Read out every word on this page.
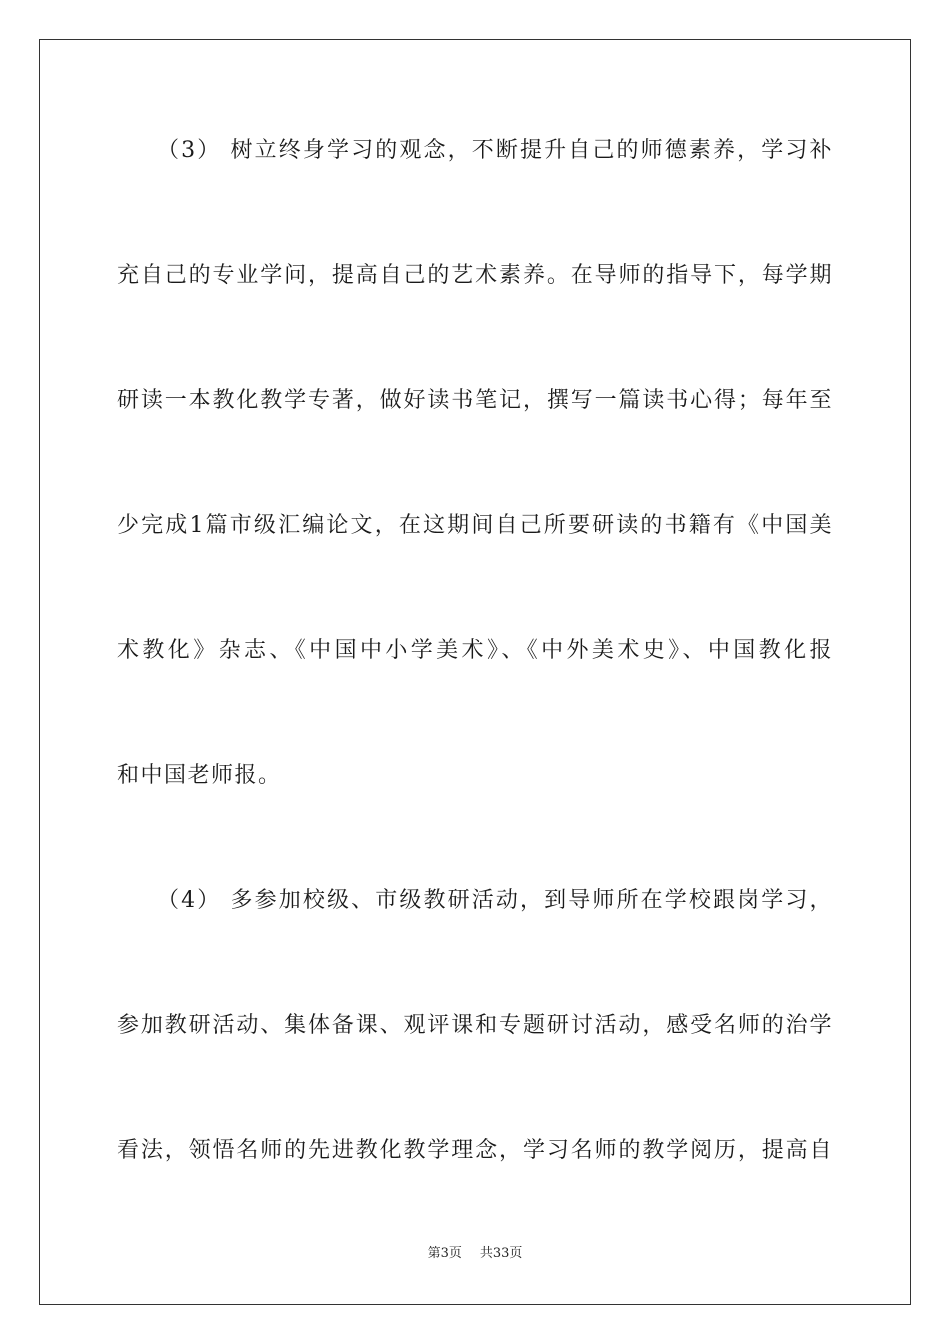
（3） 树立终身学习的观念，不断提升自己的师德素养，学习补
充自己的专业学问，提高自己的艺术素养。在导师的指导下，每学期
研读一本教化教学专著，做好读书笔记，撰写一篇读书心得；每年至
少完成1篇市级汇编论文，在这期间自己所要研读的书籍有《中国美
术教化》杂志、《中国中小学美术》、《中外美术史》、中国教化报
和中国老师报。
（4） 多参加校级、市级教研活动，到导师所在学校跟岗学习，
参加教研活动、集体备课、观评课和专题研讨活动，感受名师的治学
看法，领悟名师的先进教化教学理念，学习名师的教学阅历，提高自
第3页 共33页
